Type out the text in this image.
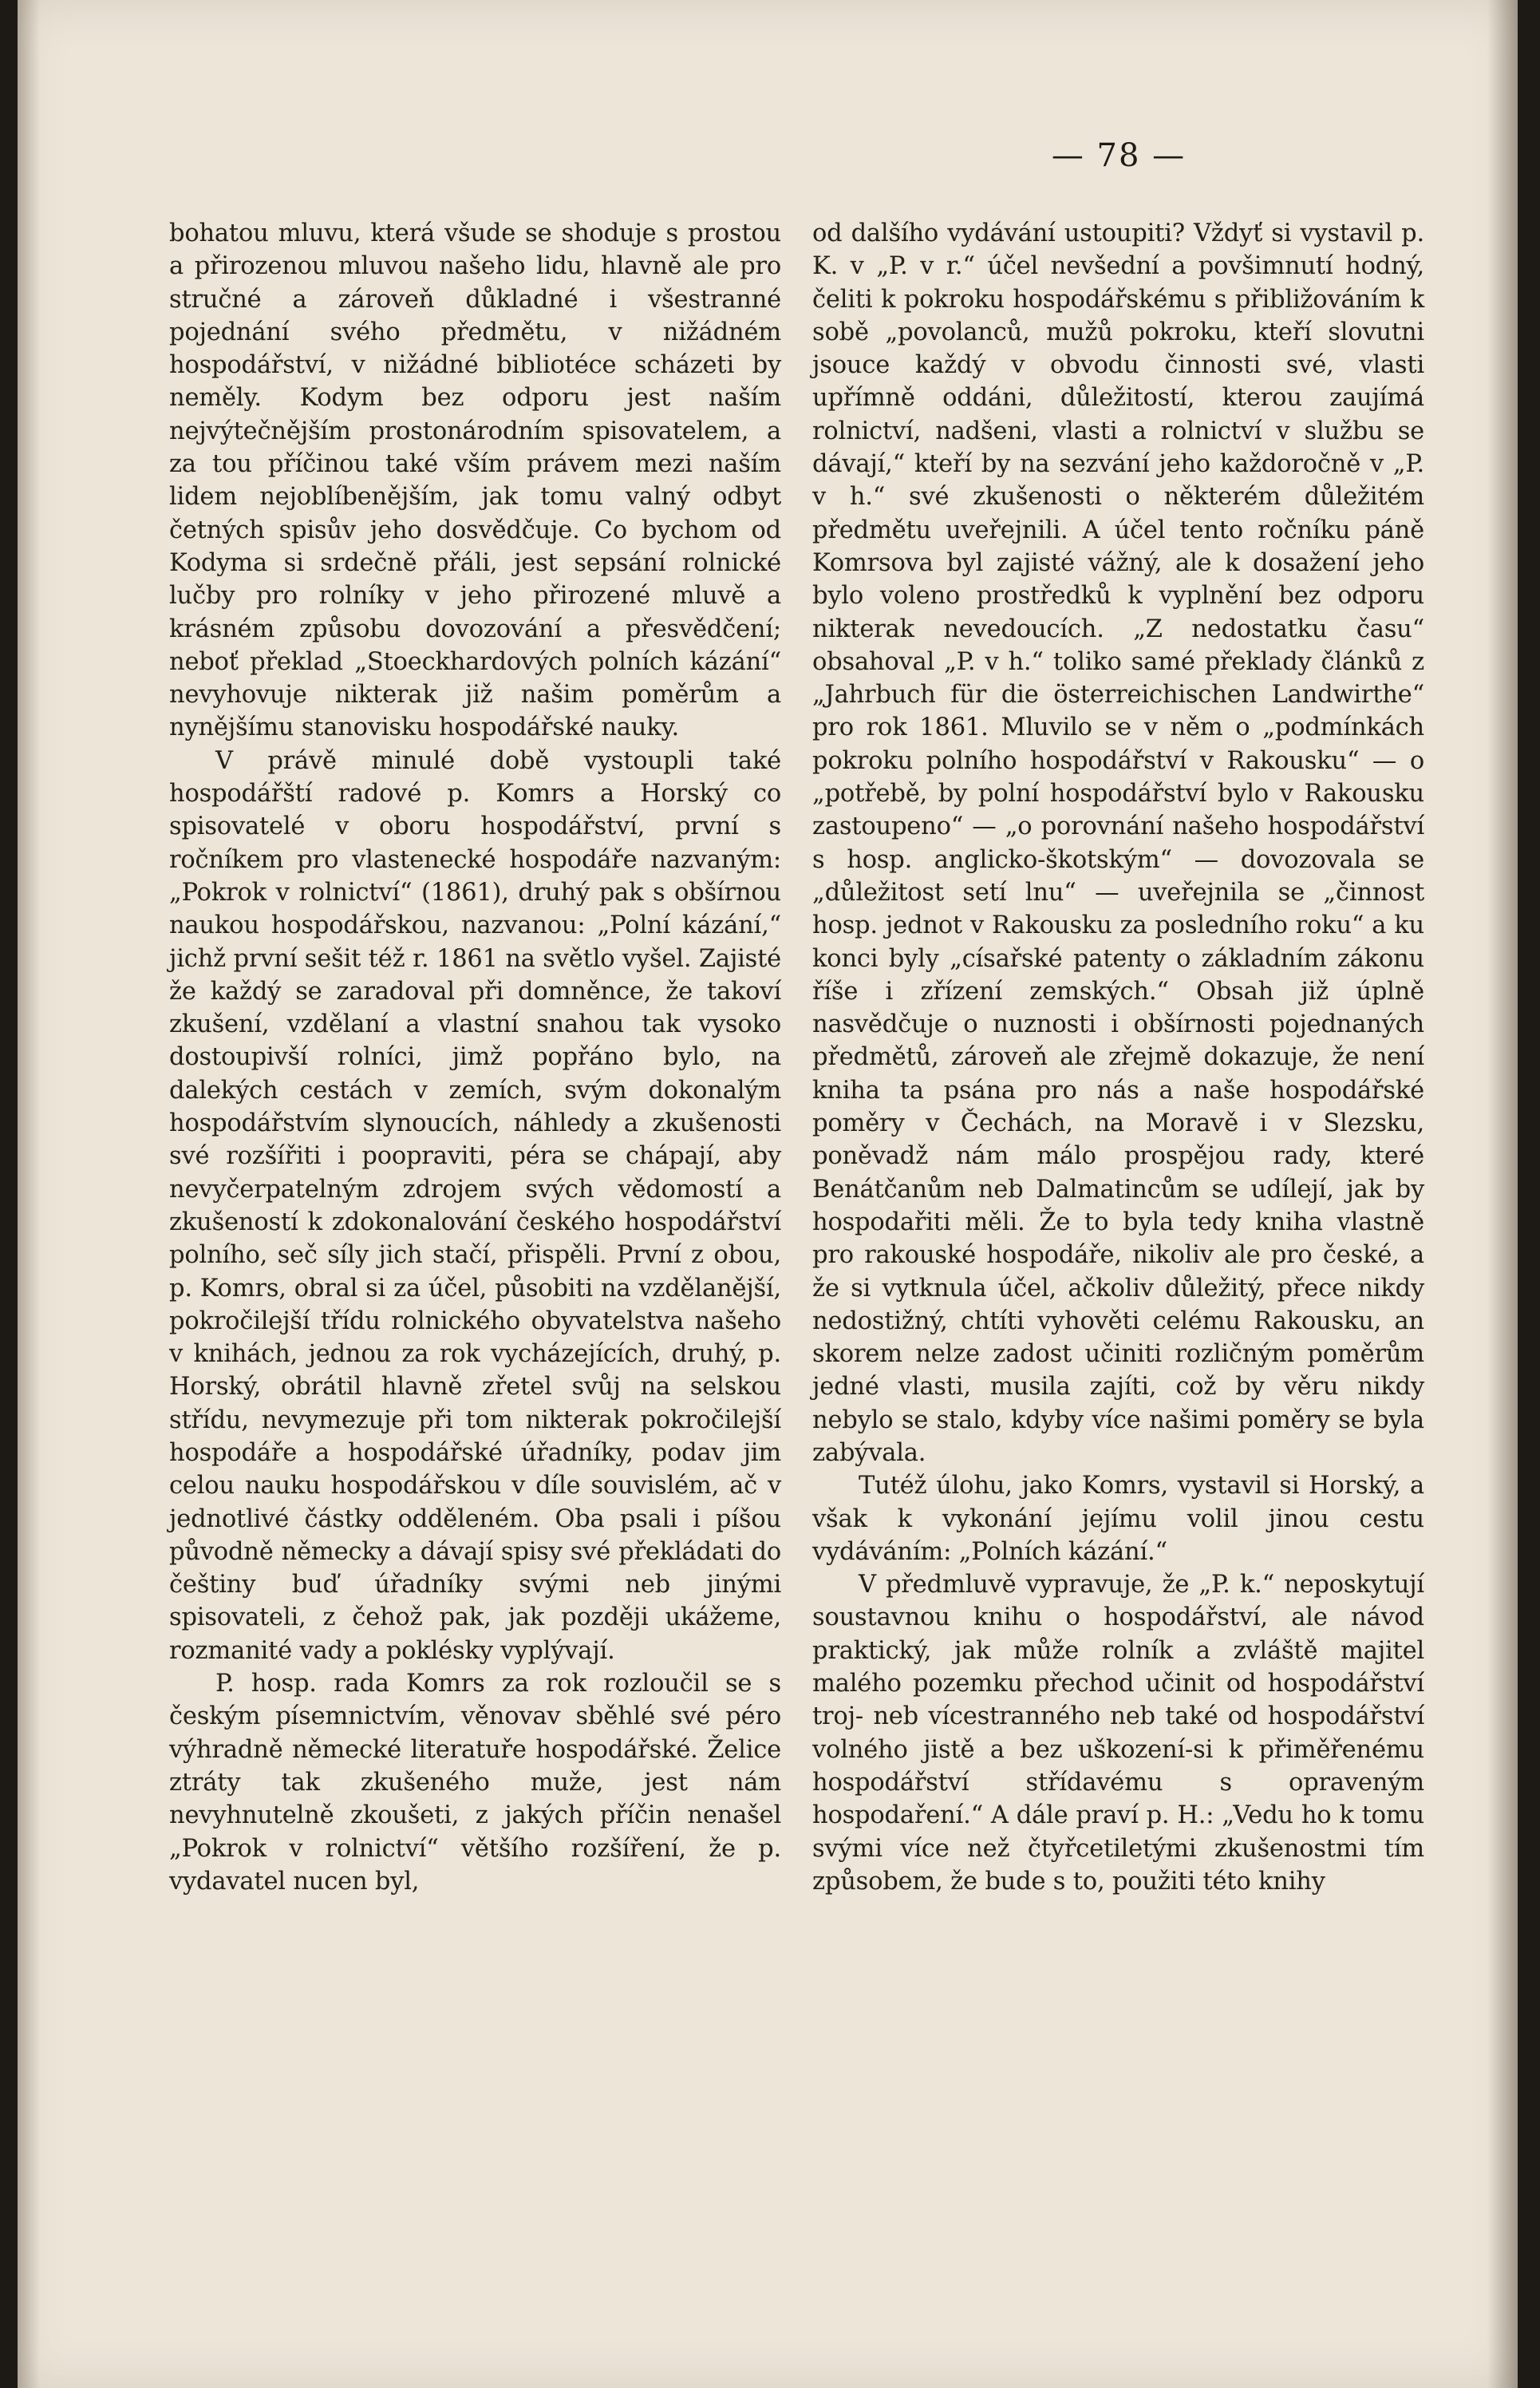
— 78 —

bohatou mluvu, která všude se shoduje s prostou a přirozenou mluvou našeho lidu, hlavně ale pro stručné a zároveň důkladné i všestranné pojednání svého předmětu, v nižádném hospodářství, v nižádné bibliotéce scházeti by neměly. Kodym bez odporu jest naším nejvýtečnějším prostonárodním spisovatelem, a za tou příčinou také vším právem mezi naším lidem nejoblíbenějším, jak tomu valný odbyt četných spisův jeho dosvědčuje. Co bychom od Kodyma si srdečně přáli, jest sepsání rolnické lučby pro rolníky v jeho přirozené mluvě a krásném způsobu dovozování a přesvědčení; neboť překlad „Stoeckhardových polních kázání“ nevyhovuje nikterak již našim poměrům a nynějšímu stanovisku hospodářské nauky.

V právě minulé době vystoupli také hospodářští radové p. Komrs a Horský co spisovatelé v oboru hospodářství, první s ročníkem pro vlastenecké hospodáře nazvaným: „Pokrok v rolnictví“ (1861), druhý pak s obšírnou naukou hospodářskou, nazvanou: „Polní kázání,“ jichž první sešit též r. 1861 na světlo vyšel. Zajisté že každý se zaradoval při domněnce, že takoví zkušení, vzdělaní a vlastní snahou tak vysoko dostoupivší rolníci, jimž popřáno bylo, na dalekých cestách v zemích, svým dokonalým hospodářstvím slynoucích, náhledy a zkušenosti své rozšířiti i poopraviti, péra se chápají, aby nevyčerpatelným zdrojem svých vědomostí a zkušeností k zdokonalování českého hospodářství polního, seč síly jich stačí, přispěli. První z obou, p. Komrs, obral si za účel, působiti na vzdělanější, pokročilejší třídu rolnického obyvatelstva našeho v knihách, jednou za rok vycházejících, druhý, p. Horský, obrátil hlavně zřetel svůj na selskou střídu, nevymezuje při tom nikterak pokročilejší hospodáře a hospodářské úřadníky, podav jim celou nauku hospodářskou v díle souvislém, ač v jednotlivé částky odděleném. Oba psali i píšou původně německy a dávají spisy své překládati do češtiny buď úřadníky svými neb jinými spisovateli, z čehož pak, jak později ukážeme, rozmanité vady a poklésky vyplývají.

P. hosp. rada Komrs za rok rozloučil se s českým písemnictvím, věnovav sběhlé své péro výhradně německé literatuře hospodářské. Želice ztráty tak zkušeného muže, jest nám nevyhnutelně zkoušeti, z jakých příčin nenašel „Pokrok v rolnictví“ většího rozšíření, že p. vydavatel nucen byl,

od dalšího vydávání ustoupiti? Vždyť si vystavil p. K. v „P. v r.“ účel nevšední a povšimnutí hodný, čeliti k pokroku hospodářskému s přibližováním k sobě „povolanců, mužů pokroku, kteří slovutni jsouce každý v obvodu činnosti své, vlasti upřímně oddáni, důležitostí, kterou zaujímá rolnictví, nadšeni, vlasti a rolnictví v službu se dávají,“ kteří by na sezvání jeho každoročně v „P. v h.“ své zkušenosti o některém důležitém předmětu uveřejnili. A účel tento ročníku páně Komrsova byl zajisté vážný, ale k dosažení jeho bylo voleno prostředků k vyplnění bez odporu nikterak nevedoucích. „Z nedostatku času“ obsahoval „P. v h.“ toliko samé překlady článků z „Jahrbuch für die österreichischen Landwirthe“ pro rok 1861. Mluvilo se v něm o „podmínkách pokroku polního hospodářství v Rakousku“ — o „potřebě, by polní hospodářství bylo v Rakousku zastoupeno“ — „o porovnání našeho hospodářství s hosp. anglicko-škotským“ — dovozovala se „důležitost setí lnu“ — uveřejnila se „činnost hosp. jednot v Rakousku za posledního roku“ a ku konci byly „císařské patenty o základním zákonu říše i zřízení zemských.“ Obsah již úplně nasvědčuje o nuznosti i obšírnosti pojednaných předmětů, zároveň ale zřejmě dokazuje, že není kniha ta psána pro nás a naše hospodářské poměry v Čechách, na Moravě i v Slezsku, poněvadž nám málo prospějou rady, které Benátčanům neb Dalmatincům se udílejí, jak by hospodařiti měli. Že to byla tedy kniha vlastně pro rakouské hospodáře, nikoliv ale pro české, a že si vytknula účel, ačkoliv důležitý, přece nikdy nedostižný, chtíti vyhověti celému Rakousku, an skorem nelze zadost učiniti rozličným poměrům jedné vlasti, musila zajíti, což by věru nikdy nebylo se stalo, kdyby více našimi poměry se byla zabývala.

Tutéž úlohu, jako Komrs, vystavil si Horský, a však k vykonání jejímu volil jinou cestu vydáváním: „Polních kázání.“

V předmluvě vypravuje, že „P. k.“ neposkytují soustavnou knihu o hospodářství, ale návod praktický, jak může rolník a zvláště majitel malého pozemku přechod učinit od hospodářství troj- neb vícestranného neb také od hospodářství volného jistě a bez uškození-si k přiměřenému hospodářství střídavému s opraveným hospodaření.“ A dále praví p. H.: „Vedu ho k tomu svými více než čtyřcetiletými zkušenostmi tím způsobem, že bude s to, použiti této knihy
